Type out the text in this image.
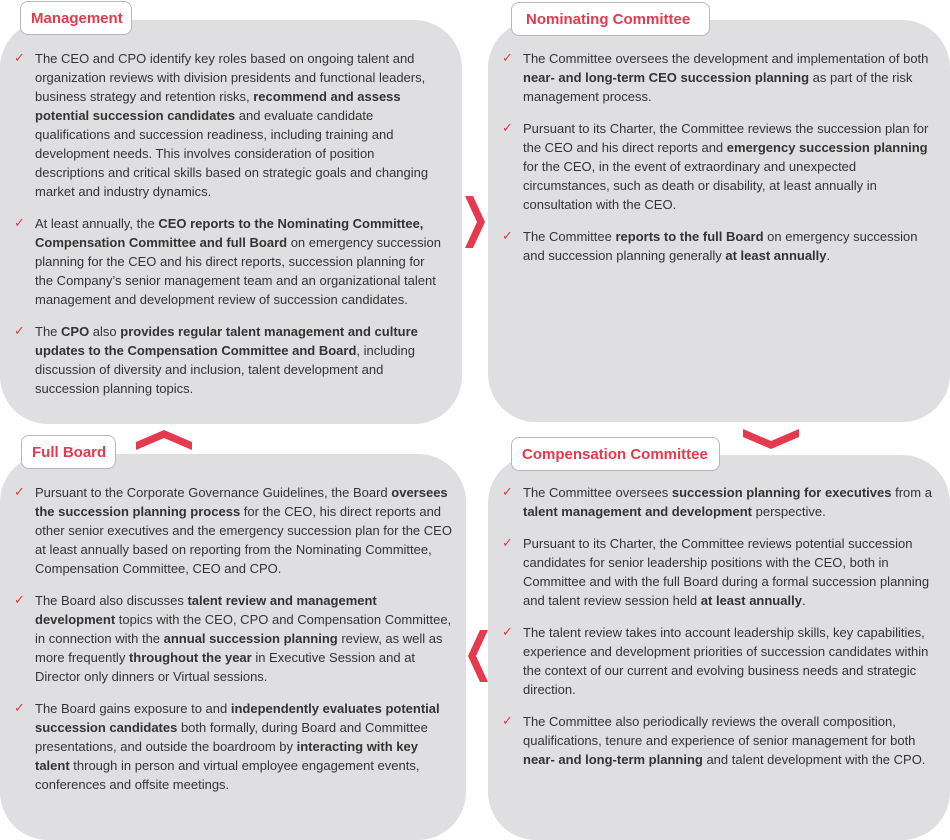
✓ The CEO and CPO identify key roles based on ongoing talent and organization reviews with division presidents and functional leaders, business strategy and retention risks, recommend and assess potential succession candidates and evaluate candidate qualifications and succession readiness, including training and development needs. This involves consideration of position descriptions and critical skills based on strategic goals and changing market and industry dynamics.
✓ At least annually, the CEO reports to the Nominating Committee, Compensation Committee and full Board on emergency succession planning for the CEO and his direct reports, succession planning for the Company’s senior management team and an organizational talent management and development review of succession candidates.
✓ The CPO also provides regular talent management and culture updates to the Compensation Committee and Board, including discussion of diversity and inclusion, talent development and succession planning topics.
Management
✓ The Committee oversees the development and implementation of both near- and long-term CEO succession planning as part of the risk management process.
✓ Pursuant to its Charter, the Committee reviews the succession plan for the CEO and his direct reports and emergency succession planning for the CEO, in the event of extraordinary and unexpected circumstances, such as death or disability, at least annually in consultation with the CEO.
✓ The Committee reports to the full Board on emergency succession and succession planning generally at least annually.
Nominating Committee
✓ Pursuant to the Corporate Governance Guidelines, the Board oversees the succession planning process for the CEO, his direct reports and other senior executives and the emergency succession plan for the CEO at least annually based on reporting from the Nominating Committee, Compensation Committee, CEO and CPO.
✓ The Board also discusses talent review and management development topics with the CEO, CPO and Compensation Committee, in connection with the annual succession planning review, as well as more frequently throughout the year in Executive Session and at Director only dinners or Virtual sessions.
✓ The Board gains exposure to and independently evaluates potential succession candidates both formally, during Board and Committee presentations, and outside the boardroom by interacting with key talent through in person and virtual employee engagement events, conferences and offsite meetings.
Full Board
✓ The Committee oversees succession planning for executives from a talent management and development perspective.
✓ Pursuant to its Charter, the Committee reviews potential succession candidates for senior leadership positions with the CEO, both in Committee and with the full Board during a formal succession planning and talent review session held at least annually.
✓ The talent review takes into account leadership skills, key capabilities, experience and development priorities of succession candidates within the context of our current and evolving business needs and strategic direction.
✓ The Committee also periodically reviews the overall composition, qualifications, tenure and experience of senior management for both near- and long-term planning and talent development with the CPO.
Compensation Committee
